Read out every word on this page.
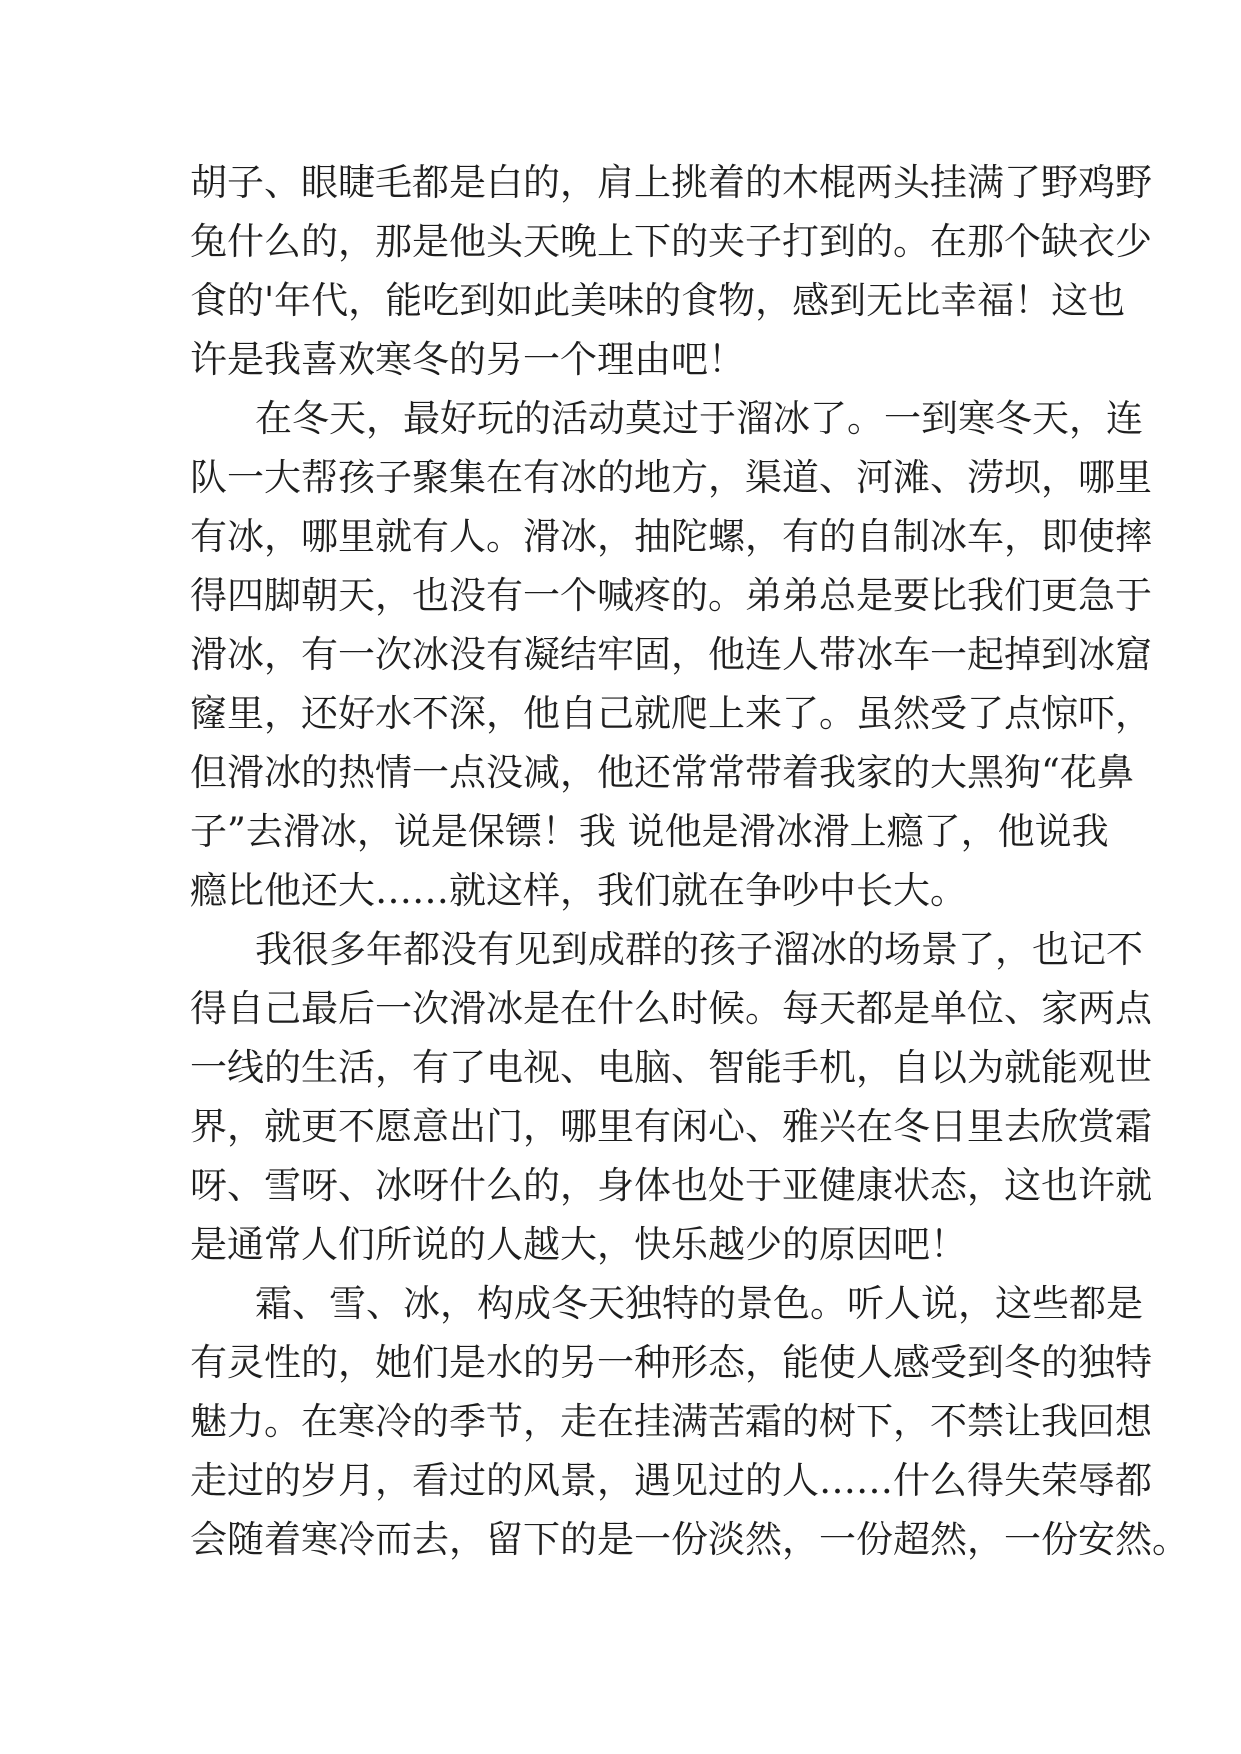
胡子、眼睫毛都是白的，肩上挑着的木棍两头挂满了野鸡野
兔什么的，那是他头天晚上下的夹子打到的。在那个缺衣少
食的'年代，能吃到如此美味的食物，感到无比幸福！这也
许是我喜欢寒冬的另一个理由吧！
在冬天，最好玩的活动莫过于溜冰了。一到寒冬天，连
队一大帮孩子聚集在有冰的地方，渠道、河滩、涝坝，哪里
有冰，哪里就有人。滑冰，抽陀螺，有的自制冰车，即使摔
得四脚朝天，也没有一个喊疼的。弟弟总是要比我们更急于
滑冰，有一次冰没有凝结牢固，他连人带冰车一起掉到冰窟
窿里，还好水不深，他自己就爬上来了。虽然受了点惊吓，
但滑冰的热情一点没减，他还常常带着我家的大黑狗“花鼻
子”去滑冰，说是保镖！我 说他是滑冰滑上瘾了，他说我
瘾比他还大……就这样，我们就在争吵中长大。
我很多年都没有见到成群的孩子溜冰的场景了，也记不
得自己最后一次滑冰是在什么时候。每天都是单位、家两点
一线的生活，有了电视、电脑、智能手机，自以为就能观世
界，就更不愿意出门，哪里有闲心、雅兴在冬日里去欣赏霜
呀、雪呀、冰呀什么的，身体也处于亚健康状态，这也许就
是通常人们所说的人越大，快乐越少的原因吧！
霜、雪、冰，构成冬天独特的景色。听人说，这些都是
有灵性的，她们是水的另一种形态，能使人感受到冬的独特
魅力。在寒冷的季节，走在挂满苦霜的树下，不禁让我回想
走过的岁月，看过的风景，遇见过的人……什么得失荣辱都
会随着寒冷而去，留下的是一份淡然，一份超然，一份安然。
